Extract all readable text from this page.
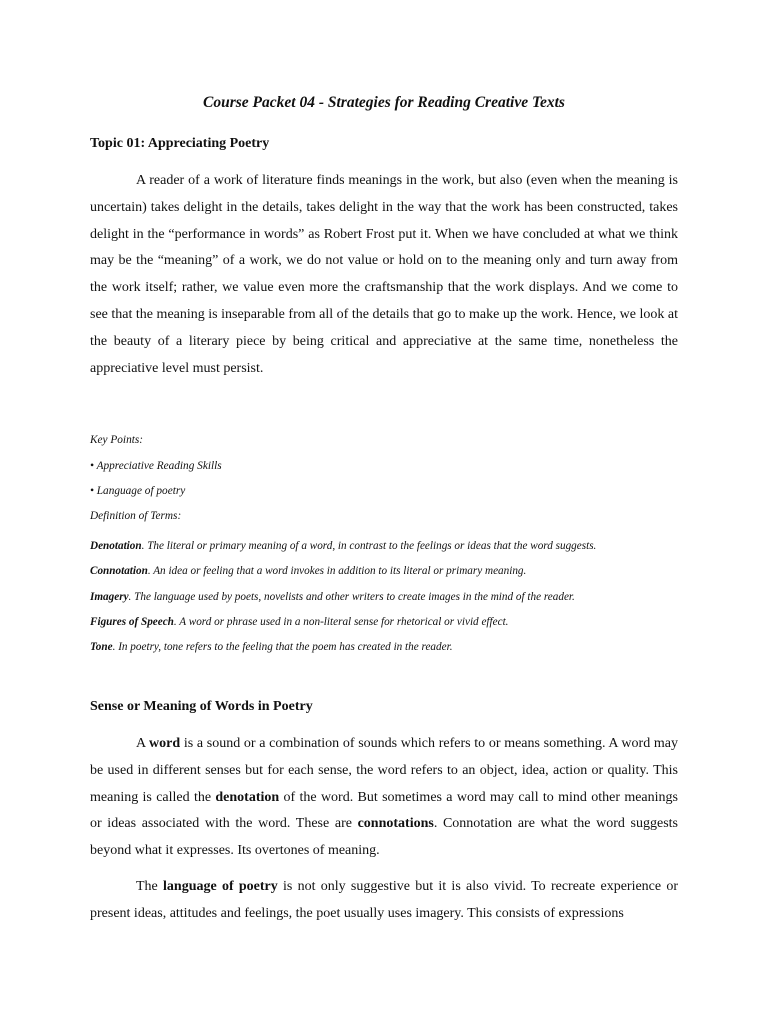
Course Packet 04 - Strategies for Reading Creative Texts
Topic 01: Appreciating Poetry

A reader of a work of literature finds meanings in the work, but also (even when the meaning is uncertain) takes delight in the details, takes delight in the way that the work has been constructed, takes delight in the “performance in words” as Robert Frost put it. When we have concluded at what we think may be the “meaning” of a work, we do not value or hold on to the meaning only and turn away from the work itself; rather, we value even more the craftsmanship that the work displays. And we come to see that the meaning is inseparable from all of the details that go to make up the work. Hence, we look at the beauty of a literary piece by being critical and appreciative at the same time, nonetheless the appreciative level must persist.

Key Points:
• Appreciative Reading Skills
• Language of poetry
Definition of Terms:
Denotation. The literal or primary meaning of a word, in contrast to the feelings or ideas that the word suggests.
Connotation. An idea or feeling that a word invokes in addition to its literal or primary meaning.
Imagery. The language used by poets, novelists and other writers to create images in the mind of the reader.
Figures of Speech. A word or phrase used in a non-literal sense for rhetorical or vivid effect.
Tone. In poetry, tone refers to the feeling that the poem has created in the reader.
Sense or Meaning of Words in Poetry

A word is a sound or a combination of sounds which refers to or means something. A word may be used in different senses but for each sense, the word refers to an object, idea, action or quality. This meaning is called the denotation of the word. But sometimes a word may call to mind other meanings or ideas associated with the word. These are connotations. Connotation are what the word suggests beyond what it expresses. Its overtones of meaning.

The language of poetry is not only suggestive but it is also vivid. To recreate experience or present ideas, attitudes and feelings, the poet usually uses imagery. This consists of expressions
